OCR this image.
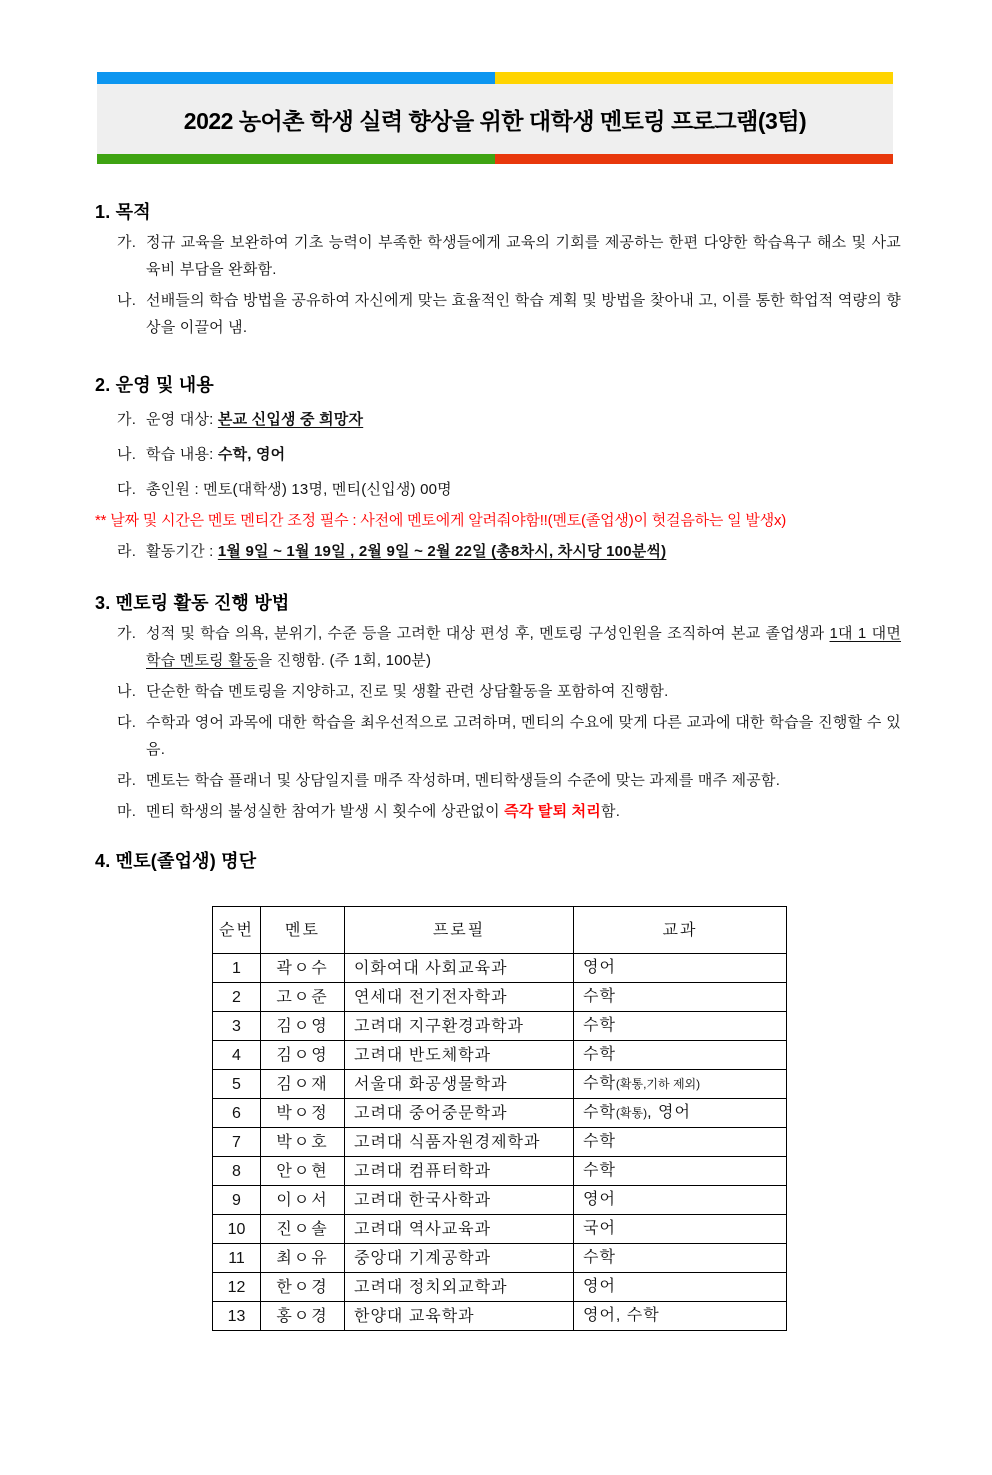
2022 농어촌 학생 실력 향상을 위한 대학생 멘토링 프로그램(3텀)
1. 목적
가. 정규 교육을 보완하여 기초 능력이 부족한 학생들에게 교육의 기회를 제공하는 한편 다양한 학습욕구 해소 및 사교육비 부담을 완화함.
나. 선배들의 학습 방법을 공유하여 자신에게 맞는 효율적인 학습 계획 및 방법을 찾아내 고, 이를 통한 학업적 역량의 향상을 이끌어 냄.
2. 운영 및 내용
가. 운영 대상: 본교 신입생 중 희망자
나. 학습 내용: 수학, 영어
다. 총인원 : 멘토(대학생) 13명, 멘티(신입생) 00명
** 날짜 및 시간은 멘토 멘티간 조정 필수 : 사전에 멘토에게 알려줘야함!!(멘토(졸업생)이 헛걸음하는 일 발생x)
라. 활동기간 : 1월 9일 ~ 1월 19일 , 2월 9일 ~ 2월 22일 (총8차시, 차시당 100분씩)
3. 멘토링 활동 진행 방법
가. 성적 및 학습 의욕, 분위기, 수준 등을 고려한 대상 편성 후, 멘토링 구성인원을 조직하여 본교 졸업생과 1대 1 대면 학습 멘토링 활동을 진행함. (주 1회, 100분)
나. 단순한 학습 멘토링을 지양하고, 진로 및 생활 관련 상담활동을 포함하여 진행함.
다. 수학과 영어 과목에 대한 학습을 최우선적으로 고려하며, 멘티의 수요에 맞게 다른 교과에 대한 학습을 진행할 수 있음.
라. 멘토는 학습 플래너 및 상담일지를 매주 작성하며, 멘티학생들의 수준에 맞는 과제를 매주 제공함.
마. 멘티 학생의 불성실한 참여가 발생 시 횟수에 상관없이 즉각 탈퇴 처리함.
4. 멘토(졸업생) 명단
순번	멘토	프로필	교과
1	곽ㅇ수	이화여대 사회교육과	영어
2	고ㅇ준	연세대 전기전자학과	수학
3	김ㅇ영	고려대 지구환경과학과	수학
4	김ㅇ영	고려대 반도체학과	수학
5	김ㅇ재	서울대 화공생물학과	수학(확통,기하 제외)
6	박ㅇ정	고려대 중어중문학과	수학(확통), 영어
7	박ㅇ호	고려대 식품자원경제학과	수학
8	안ㅇ현	고려대 컴퓨터학과	수학
9	이ㅇ서	고려대 한국사학과	영어
10	진ㅇ솔	고려대 역사교육과	국어
11	최ㅇ유	중앙대 기계공학과	수학
12	한ㅇ경	고려대 정치외교학과	영어
13	홍ㅇ경	한양대 교육학과	영어, 수학
